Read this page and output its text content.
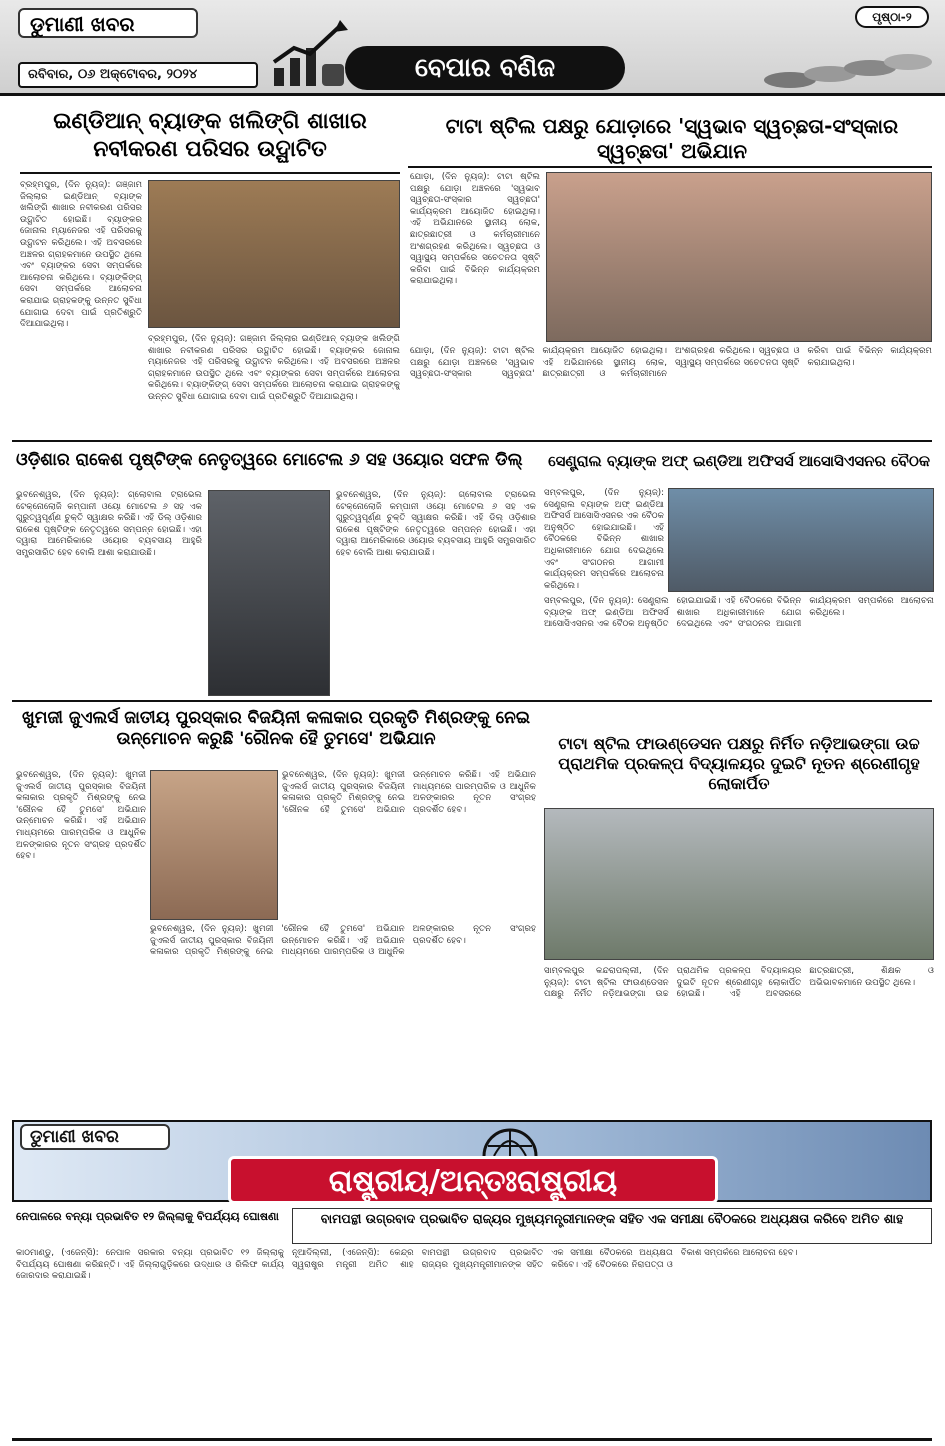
ଡୁମାଣୀ ଖବର
ରବିବାର, ୦୬ ଅକ୍ଟୋବର, ୨୦୨୪	ବେପାର ବଣିଜ
ପୃଷ୍ଠା-୨
ଇଣ୍ଡିଆନ୍ ବ୍ୟାଙ୍କ ଖଲିଙ୍ଗି ଶାଖାର ନବୀକରଣ ପରିସର ଉଦ୍ଘାଟିତ
ବ୍ରହ୍ମପୁର, (ଦିନ ନ୍ୟୁଜ୍): ଗଞ୍ଜାମ ଜିଲ୍ଲାର ଇଣ୍ଡିଆନ୍ ବ୍ୟାଙ୍କ ଖଲିଙ୍ଗି ଶାଖାର ନବୀକରଣ ପରିସର ଉଦ୍ଘାଟିତ ହୋଇଛି। ବ୍ୟାଙ୍କର ଜୋନାଲ ମ୍ୟାନେଜର ଏହି ପରିସରକୁ ଉଦ୍ଘାଟନ କରିଥିଲେ। ଏହି ଅବସରରେ ଅଞ୍ଚଳର ଗ୍ରାହକମାନେ ଉପସ୍ଥିତ ଥିଲେ ଏବଂ ବ୍ୟାଙ୍କର ସେବା ସମ୍ପର୍କରେ ଆଲୋଚନା କରିଥିଲେ। ବ୍ୟାଙ୍କିଙ୍ଗ୍ ସେବା ସମ୍ପର୍କରେ ଆଲୋଚନା କରାଯାଇ ଗ୍ରାହକଙ୍କୁ ଉନ୍ନତ ସୁବିଧା ଯୋଗାଇ ଦେବା ପାଇଁ ପ୍ରତିଶ୍ରୁତି ଦିଆଯାଇଥିଲା।
ବ୍ରହ୍ମପୁର, (ଦିନ ନ୍ୟୁଜ୍): ଗଞ୍ଜାମ ଜିଲ୍ଲାର ଇଣ୍ଡିଆନ୍ ବ୍ୟାଙ୍କ ଖଲିଙ୍ଗି ଶାଖାର ନବୀକରଣ ପରିସର ଉଦ୍ଘାଟିତ ହୋଇଛି। ବ୍ୟାଙ୍କର ଜୋନାଲ ମ୍ୟାନେଜର ଏହି ପରିସରକୁ ଉଦ୍ଘାଟନ କରିଥିଲେ। ଏହି ଅବସରରେ ଅଞ୍ଚଳର ଗ୍ରାହକମାନେ ଉପସ୍ଥିତ ଥିଲେ ଏବଂ ବ୍ୟାଙ୍କର ସେବା ସମ୍ପର୍କରେ ଆଲୋଚନା କରିଥିଲେ। ବ୍ୟାଙ୍କିଙ୍ଗ୍ ସେବା ସମ୍ପର୍କରେ ଆଲୋଚନା କରାଯାଇ ଗ୍ରାହକଙ୍କୁ ଉନ୍ନତ ସୁବିଧା ଯୋଗାଇ ଦେବା ପାଇଁ ପ୍ରତିଶ୍ରୁତି ଦିଆଯାଇଥିଲା।
ଟାଟା ଷ୍ଟିଲ ପକ୍ଷରୁ ଯୋଡ଼ାରେ 'ସ୍ୱଭାବ ସ୍ୱଚ୍ଛତା-ସଂସ୍କାର ସ୍ୱଚ୍ଛତା' ଅଭିଯାନ
ଯୋଡ଼ା, (ଦିନ ନ୍ୟୁଜ୍): ଟାଟା ଷ୍ଟିଲ ପକ୍ଷରୁ ଯୋଡ଼ା ଅଞ୍ଚଳରେ 'ସ୍ୱଭାବ ସ୍ୱଚ୍ଛତା-ସଂସ୍କାର ସ୍ୱଚ୍ଛତା' କାର୍ଯ୍ୟକ୍ରମ ଆୟୋଜିତ ହୋଇଥିଲା। ଏହି ଅଭିଯାନରେ ସ୍ଥାନୀୟ ଲୋକ, ଛାତ୍ରଛାତ୍ରୀ ଓ କର୍ମଚାରୀମାନେ ଅଂଶଗ୍ରହଣ କରିଥିଲେ। ସ୍ୱଚ୍ଛତା ଓ ସ୍ୱାସ୍ଥ୍ୟ ସମ୍ପର୍କରେ ସଚେତନତା ସୃଷ୍ଟି କରିବା ପାଇଁ ବିଭିନ୍ନ କାର୍ଯ୍ୟକ୍ରମ କରାଯାଇଥିଲା।
ଯୋଡ଼ା, (ଦିନ ନ୍ୟୁଜ୍): ଟାଟା ଷ୍ଟିଲ ପକ୍ଷରୁ ଯୋଡ଼ା ଅଞ୍ଚଳରେ 'ସ୍ୱଭାବ ସ୍ୱଚ୍ଛତା-ସଂସ୍କାର ସ୍ୱଚ୍ଛତା' କାର୍ଯ୍ୟକ୍ରମ ଆୟୋଜିତ ହୋଇଥିଲା। ଏହି ଅଭିଯାନରେ ସ୍ଥାନୀୟ ଲୋକ, ଛାତ୍ରଛାତ୍ରୀ ଓ କର୍ମଚାରୀମାନେ ଅଂଶଗ୍ରହଣ କରିଥିଲେ। ସ୍ୱଚ୍ଛତା ଓ ସ୍ୱାସ୍ଥ୍ୟ ସମ୍ପର୍କରେ ସଚେତନତା ସୃଷ୍ଟି କରିବା ପାଇଁ ବିଭିନ୍ନ କାର୍ଯ୍ୟକ୍ରମ କରାଯାଇଥିଲା।
ଓଡ଼ିଶାର ରାକେଶ ପୃଷ୍ଟିଙ୍କ ନେତୃତ୍ୱରେ ମୋଟେଲ ୬ ସହ ଓୟୋର ସଫଳ ଡିଲ୍
ଭୁବନେଶ୍ୱର, (ଦିନ ନ୍ୟୁଜ୍): ଗ୍ଲୋବାଲ ଟ୍ରାଭେଲ ଟେକ୍ନୋଲୋଜି କମ୍ପାନୀ ଓୟୋ ମୋଟେଲ ୬ ସହ ଏକ ଗୁରୁତ୍ୱପୂର୍ଣ୍ଣ ଚୁକ୍ତି ସ୍ୱାକ୍ଷର କରିଛି। ଏହି ଡିଲ୍ ଓଡ଼ିଶାର ରାକେଶ ପୃଷ୍ଟିଙ୍କ ନେତୃତ୍ୱରେ ସମ୍ପନ୍ନ ହୋଇଛି। ଏହା ଦ୍ୱାରା ଆମେରିକାରେ ଓୟୋର ବ୍ୟବସାୟ ଆହୁରି ସମ୍ପ୍ରସାରିତ ହେବ ବୋଲି ଆଶା କରାଯାଉଛି।
ଭୁବନେଶ୍ୱର, (ଦିନ ନ୍ୟୁଜ୍): ଗ୍ଲୋବାଲ ଟ୍ରାଭେଲ ଟେକ୍ନୋଲୋଜି କମ୍ପାନୀ ଓୟୋ ମୋଟେଲ ୬ ସହ ଏକ ଗୁରୁତ୍ୱପୂର୍ଣ୍ଣ ଚୁକ୍ତି ସ୍ୱାକ୍ଷର କରିଛି। ଏହି ଡିଲ୍ ଓଡ଼ିଶାର ରାକେଶ ପୃଷ୍ଟିଙ୍କ ନେତୃତ୍ୱରେ ସମ୍ପନ୍ନ ହୋଇଛି। ଏହା ଦ୍ୱାରା ଆମେରିକାରେ ଓୟୋର ବ୍ୟବସାୟ ଆହୁରି ସମ୍ପ୍ରସାରିତ ହେବ ବୋଲି ଆଶା କରାଯାଉଛି।
ସେଣ୍ଟ୍ରାଲ ବ୍ୟାଙ୍କ ଅଫ୍ ଇଣ୍ଡିଆ ଅଫିସର୍ସ ଆସୋସିଏସନର ବୈଠକ
ସମ୍ବଲପୁର, (ଦିନ ନ୍ୟୁଜ୍): ସେଣ୍ଟ୍ରାଲ ବ୍ୟାଙ୍କ ଅଫ୍ ଇଣ୍ଡିଆ ଅଫିସର୍ସ ଆସୋସିଏସନର ଏକ ବୈଠକ ଅନୁଷ୍ଠିତ ହୋଇଯାଇଛି। ଏହି ବୈଠକରେ ବିଭିନ୍ନ ଶାଖାର ଅଧିକାରୀମାନେ ଯୋଗ ଦେଇଥିଲେ ଏବଂ ସଂଗଠନର ଆଗାମୀ କାର୍ଯ୍ୟକ୍ରମ ସମ୍ପର୍କରେ ଆଲୋଚନା କରିଥିଲେ।
ସମ୍ବଲପୁର, (ଦିନ ନ୍ୟୁଜ୍): ସେଣ୍ଟ୍ରାଲ ବ୍ୟାଙ୍କ ଅଫ୍ ଇଣ୍ଡିଆ ଅଫିସର୍ସ ଆସୋସିଏସନର ଏକ ବୈଠକ ଅନୁଷ୍ଠିତ ହୋଇଯାଇଛି। ଏହି ବୈଠକରେ ବିଭିନ୍ନ ଶାଖାର ଅଧିକାରୀମାନେ ଯୋଗ ଦେଇଥିଲେ ଏବଂ ସଂଗଠନର ଆଗାମୀ କାର୍ଯ୍ୟକ୍ରମ ସମ୍ପର୍କରେ ଆଲୋଚନା କରିଥିଲେ।
ଖୁମଜୀ ଜୁଏଲର୍ସ ଜାତୀୟ ପୁରସ୍କାର ବିଜୟିନୀ କଳାକାର ପ୍ରକୃତି ମିଶ୍ରଙ୍କୁ ନେଇ ଉନ୍ମୋଚନ କରୁଛି 'ରୌନକ ହୈ ତୁମସେ' ଅଭିଯାନ
ଭୁବନେଶ୍ୱର, (ଦିନ ନ୍ୟୁଜ୍): ଖୁମଜୀ ଜୁଏଲର୍ସ ଜାତୀୟ ପୁରସ୍କାର ବିଜୟିନୀ କଳାକାର ପ୍ରକୃତି ମିଶ୍ରଙ୍କୁ ନେଇ 'ରୌନକ ହୈ ତୁମସେ' ଅଭିଯାନ ଉନ୍ମୋଚନ କରିଛି। ଏହି ଅଭିଯାନ ମାଧ୍ୟମରେ ପାରମ୍ପରିକ ଓ ଆଧୁନିକ ଅଳଙ୍କାରର ନୂତନ ସଂଗ୍ରହ ପ୍ରଦର୍ଶିତ ହେବ।
ଭୁବନେଶ୍ୱର, (ଦିନ ନ୍ୟୁଜ୍): ଖୁମଜୀ ଜୁଏଲର୍ସ ଜାତୀୟ ପୁରସ୍କାର ବିଜୟିନୀ କଳାକାର ପ୍ରକୃତି ମିଶ୍ରଙ୍କୁ ନେଇ 'ରୌନକ ହୈ ତୁମସେ' ଅଭିଯାନ ଉନ୍ମୋଚନ କରିଛି। ଏହି ଅଭିଯାନ ମାଧ୍ୟମରେ ପାରମ୍ପରିକ ଓ ଆଧୁନିକ ଅଳଙ୍କାରର ନୂତନ ସଂଗ୍ରହ ପ୍ରଦର୍ଶିତ ହେବ।
ଭୁବନେଶ୍ୱର, (ଦିନ ନ୍ୟୁଜ୍): ଖୁମଜୀ ଜୁଏଲର୍ସ ଜାତୀୟ ପୁରସ୍କାର ବିଜୟିନୀ କଳାକାର ପ୍ରକୃତି ମିଶ୍ରଙ୍କୁ ନେଇ 'ରୌନକ ହୈ ତୁମସେ' ଅଭିଯାନ ଉନ୍ମୋଚନ କରିଛି। ଏହି ଅଭିଯାନ ମାଧ୍ୟମରେ ପାରମ୍ପରିକ ଓ ଆଧୁନିକ ଅଳଙ୍କାରର ନୂତନ ସଂଗ୍ରହ ପ୍ରଦର୍ଶିତ ହେବ।
ଟାଟା ଷ୍ଟିଲ ଫାଉଣ୍ଡେସନ ପକ୍ଷରୁ ନିର୍ମିତ ନଡ଼ିଆଭଙ୍ଗା ଉଚ୍ଚ ପ୍ରାଥମିକ ପ୍ରକଳ୍ପ ବିଦ୍ୟାଳୟର ଦୁଇଟି ନୂତନ ଶ୍ରେଣୀଗୃହ ଲୋକାର୍ପିତ
ସାମ୍ବଲପୁର କନ୍ଦରାପଲ୍ଲୀ, (ଦିନ ନ୍ୟୁଜ୍): ଟାଟା ଷ୍ଟିଲ ଫାଉଣ୍ଡେସନ ପକ୍ଷରୁ ନିର୍ମିତ ନଡ଼ିଆଭଙ୍ଗା ଉଚ୍ଚ ପ୍ରାଥମିକ ପ୍ରକଳ୍ପ ବିଦ୍ୟାଳୟର ଦୁଇଟି ନୂତନ ଶ୍ରେଣୀଗୃହ ଲୋକାର୍ପିତ ହୋଇଛି। ଏହି ଅବସରରେ ଛାତ୍ରଛାତ୍ରୀ, ଶିକ୍ଷକ ଓ ଅଭିଭାବକମାନେ ଉପସ୍ଥିତ ଥିଲେ।
ଡୁମାଣୀ ଖବର
ରାଷ୍ଟ୍ରୀୟ/ଅନ୍ତଃରାଷ୍ଟ୍ରୀୟ
ନେପାଳରେ ବନ୍ୟା ପ୍ରଭାବିତ ୧୨ ଜିଲ୍ଲାକୁ ବିପର୍ଯ୍ୟୟ ଘୋଷଣା
କାଠମାଣ୍ଡୁ, (ଏଜେନ୍ସି): ନେପାଳ ସରକାର ବନ୍ୟା ପ୍ରଭାବିତ ୧୨ ଜିଲ୍ଲାକୁ ବିପର୍ଯ୍ୟୟ ଘୋଷଣା କରିଛନ୍ତି। ଏହି ଜିଲ୍ଲାଗୁଡ଼ିକରେ ଉଦ୍ଧାର ଓ ରିଲିଫ କାର୍ଯ୍ୟ ଜୋରଦାର କରାଯାଇଛି।
ବାମପନ୍ଥୀ ଉଗ୍ରବାଦ ପ୍ରଭାବିତ ରାଜ୍ୟର ମୁଖ୍ୟମନ୍ତ୍ରୀମାନଙ୍କ ସହିତ ଏକ ସମୀକ୍ଷା ବୈଠକରେ ଅଧ୍ୟକ୍ଷତା କରିବେ ଅମିତ ଶାହ
ନୂଆଦିଲ୍ଲୀ, (ଏଜେନ୍ସି): କେନ୍ଦ୍ର ସ୍ୱରାଷ୍ଟ୍ର ମନ୍ତ୍ରୀ ଅମିତ ଶାହ ବାମପନ୍ଥୀ ଉଗ୍ରବାଦ ପ୍ରଭାବିତ ରାଜ୍ୟର ମୁଖ୍ୟମନ୍ତ୍ରୀମାନଙ୍କ ସହିତ ଏକ ସମୀକ୍ଷା ବୈଠକରେ ଅଧ୍ୟକ୍ଷତା କରିବେ। ଏହି ବୈଠକରେ ନିରାପତ୍ତା ଓ ବିକାଶ ସମ୍ପର୍କରେ ଆଲୋଚନା ହେବ।
